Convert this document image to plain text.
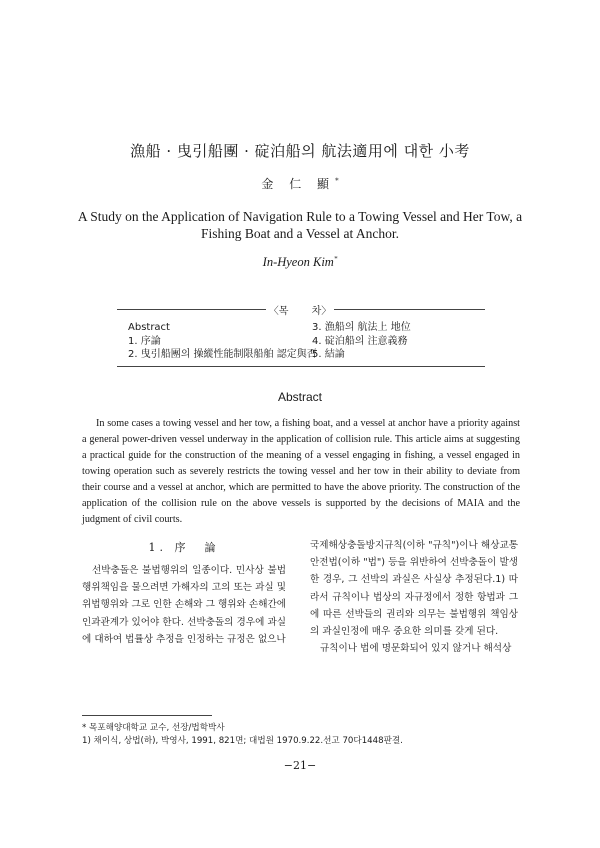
漁船 · 曳引船團 · 碇泊船의 航法適用에 대한 小考
金 仁 顯*
A Study on the Application of Navigation Rule to a Towing Vessel and Her Tow, a Fishing Boat and a Vessel at Anchor.
In-Hyeon Kim*
〈목 　　차〉
Abstract
1. 序論
2. 曳引船團의 操縱性能制限船舶 認定與否
3. 漁船의 航法上 地位
4. 碇泊船의 注意義務
5. 結論
Abstract

In some cases a towing vessel and her tow, a fishing boat, and a vessel at anchor have a priority against a general power-driven vessel underway in the application of collision rule. This article aims at suggesting a practical guide for the construction of the meaning of a vessel engaging in fishing, a vessel engaged in towing operation such as severely restricts the towing vessel and her tow in their ability to deviate from their course and a vessel at anchor, which are permitted to have the above priority. The construction of the application of the collision rule on the above vessels is supported by the decisions of MAIA and the judgment of civil courts.

1. 序　論

선박충돌은 불법행위의 일종이다. 민사상 불법행위책임을 물으려면 가해자의 고의 또는 과실 및 위법행위와 그로 인한 손해와 그 행위와 손해간에 인과관계가 있어야 한다. 선박충돌의 경우에 과실에 대하여 법률상 추정을 인정하는 규정은 없으나

국제해상충돌방지규칙(이하 "규칙")이나 해상교통안전법(이하 "법") 등을 위반하여 선박충돌이 발생한 경우, 그 선박의 과실은 사실상 추정된다.1) 따라서 규칙이나 법상의 자규정에서 정한 항법과 그에 따른 선박들의 권리와 의무는 불법행위 책임상의 과실인정에 매우 중요한 의미를 갖게 된다.

규칙이나 법에 명문화되어 있지 않거나 해석상

* 목포해양대학교 교수, 선장/법학박사

1) 채이식, 상법(하), 박영사, 1991, 821면; 대법원 1970.9.22.선고 70다1448판결.

−21−
